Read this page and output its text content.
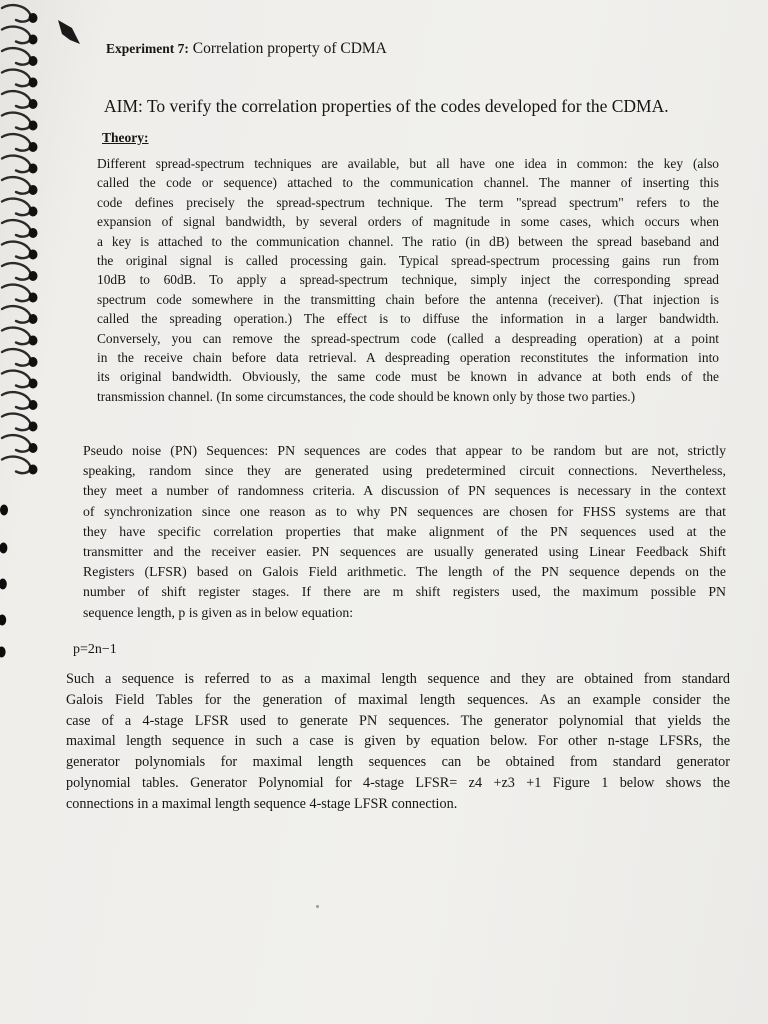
Experiment 7: Correlation property of CDMA
AIM: To verify the correlation properties of the codes developed for the CDMA.
Theory:
Different spread-spectrum techniques are available, but all have one idea in common: the key (also
called the code or sequence) attached to the communication channel. The manner of inserting this
code defines precisely the spread-spectrum technique. The term "spread spectrum" refers to the
expansion of signal bandwidth, by several orders of magnitude in some cases, which occurs when
a key is attached to the communication channel. The ratio (in dB) between the spread baseband and
the original signal is called processing gain. Typical spread-spectrum processing gains run from
10dB to 60dB. To apply a spread-spectrum technique, simply inject the corresponding spread
spectrum code somewhere in the transmitting chain before the antenna (receiver). (That injection is
called the spreading operation.) The effect is to diffuse the information in a larger bandwidth.
Conversely, you can remove the spread-spectrum code (called a despreading operation) at a point
in the receive chain before data retrieval. A despreading operation reconstitutes the information into
its original bandwidth. Obviously, the same code must be known in advance at both ends of the
transmission channel. (In some circumstances, the code should be known only by those two parties.)
Pseudo noise (PN) Sequences: PN sequences are codes that appear to be random but are not, strictly
speaking, random since they are generated using predetermined circuit connections. Nevertheless,
they meet a number of randomness criteria. A discussion of PN sequences is necessary in the context
of synchronization since one reason as to why PN sequences are chosen for FHSS systems are that
they have specific correlation properties that make alignment of the PN sequences used at the
transmitter and the receiver easier. PN sequences are usually generated using Linear Feedback Shift
Registers (LFSR) based on Galois Field arithmetic. The length of the PN sequence depends on the
number of shift register stages. If there are m shift registers used, the maximum possible PN
sequence length, p is given as in below equation:
p=2n−1
Such a sequence is referred to as a maximal length sequence and they are obtained from standard
Galois Field Tables for the generation of maximal length sequences. As an example consider the
case of a 4-stage LFSR used to generate PN sequences. The generator polynomial that yields the
maximal length sequence in such a case is given by equation below. For other n-stage LFSRs, the
generator polynomials for maximal length sequences can be obtained from standard generator
polynomial tables. Generator Polynomial for 4-stage LFSR= z4 +z3 +1 Figure 1 below shows the
connections in a maximal length sequence 4-stage LFSR connection.
